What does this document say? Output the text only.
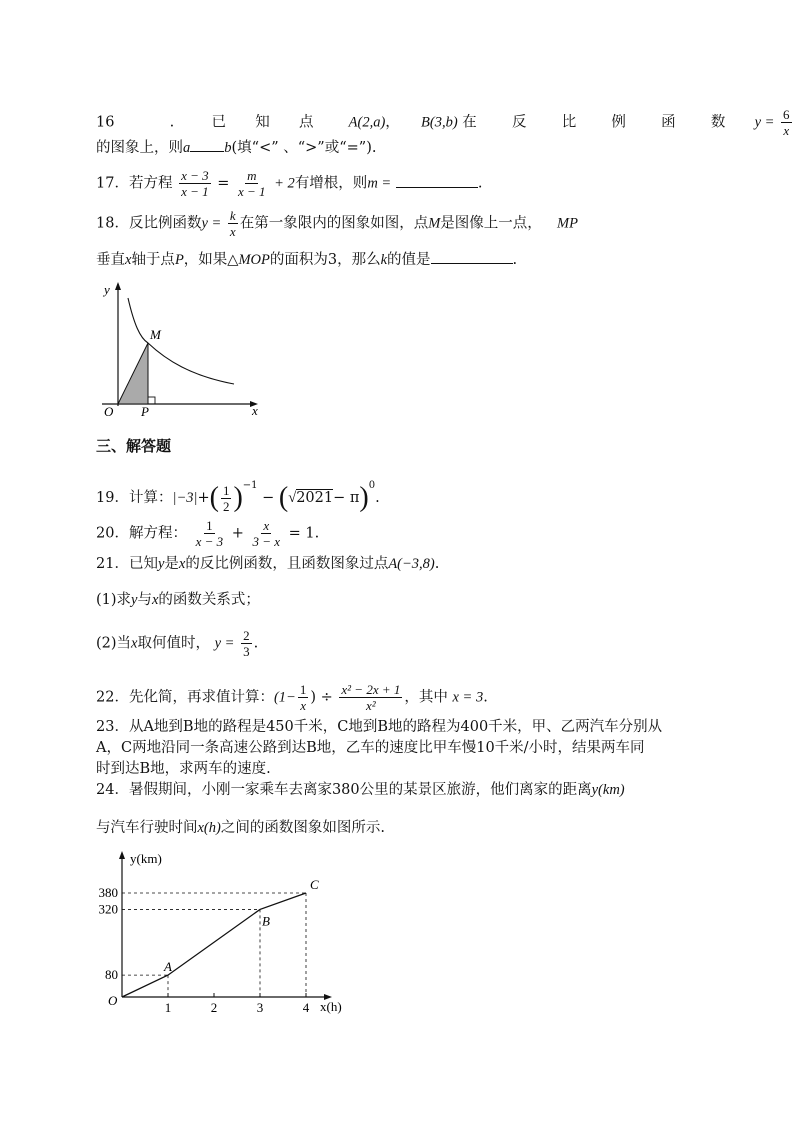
16	.	已 知 点 A(2,a)， B(3,b) 在 反 比 例 函 数 $y = \frac{6}{x}$
的图象上，则a b(填“<” 、“>”或“=”).
17．若方程 $\frac{x - 3}{x - 1} = \frac{m}{x - 1} + 2$有增根，则m =	.
18．反比例函数$y = \frac{k}{x}$ 在第一象限内的图象如图，点M是图像上一点， MP
垂直x轴于点P，如果△MOP的面积为3，那么k的值是	.
y
x
O P
M
三、解答题
19．计算：$|-3|+( \frac{1}{2} )^{-1} - (√2021- \pi)^0$.
20．解方程： $\frac{1}{x - 3} + \frac{x}{3 - x} = 1$.
21．已知y是x的反比例函数，且函数图象过点A(−3,8).
(1)求y与x的函数关系式；
(2)当x取何值时， $y = \frac{2}{3}$ .
22．先化简，再求值计算：($1- \frac{1}{x}$ ) ÷ $\frac{\text{x² − 2x + 1}}{\text{x²}}$ ，其中 x = 3.
23．从A地到B地的路程是450千米，C地到B地的路程为400千米，甲、乙两汽车分别从
A，C两地沿同一条高速公路到达B地，乙车的速度比甲车慢10千米/小时，结果两车同
时到达B地，求两车的速度.
24．暑假期间，小刚一家乘车去离家380公里的某景区旅游，他们离家的距离y(km)
与汽车行驶时间x(h)之间的函数图象如图所示.
y(km)
x(h)
O
A
B
C
380
320
80
1	2	3	4
